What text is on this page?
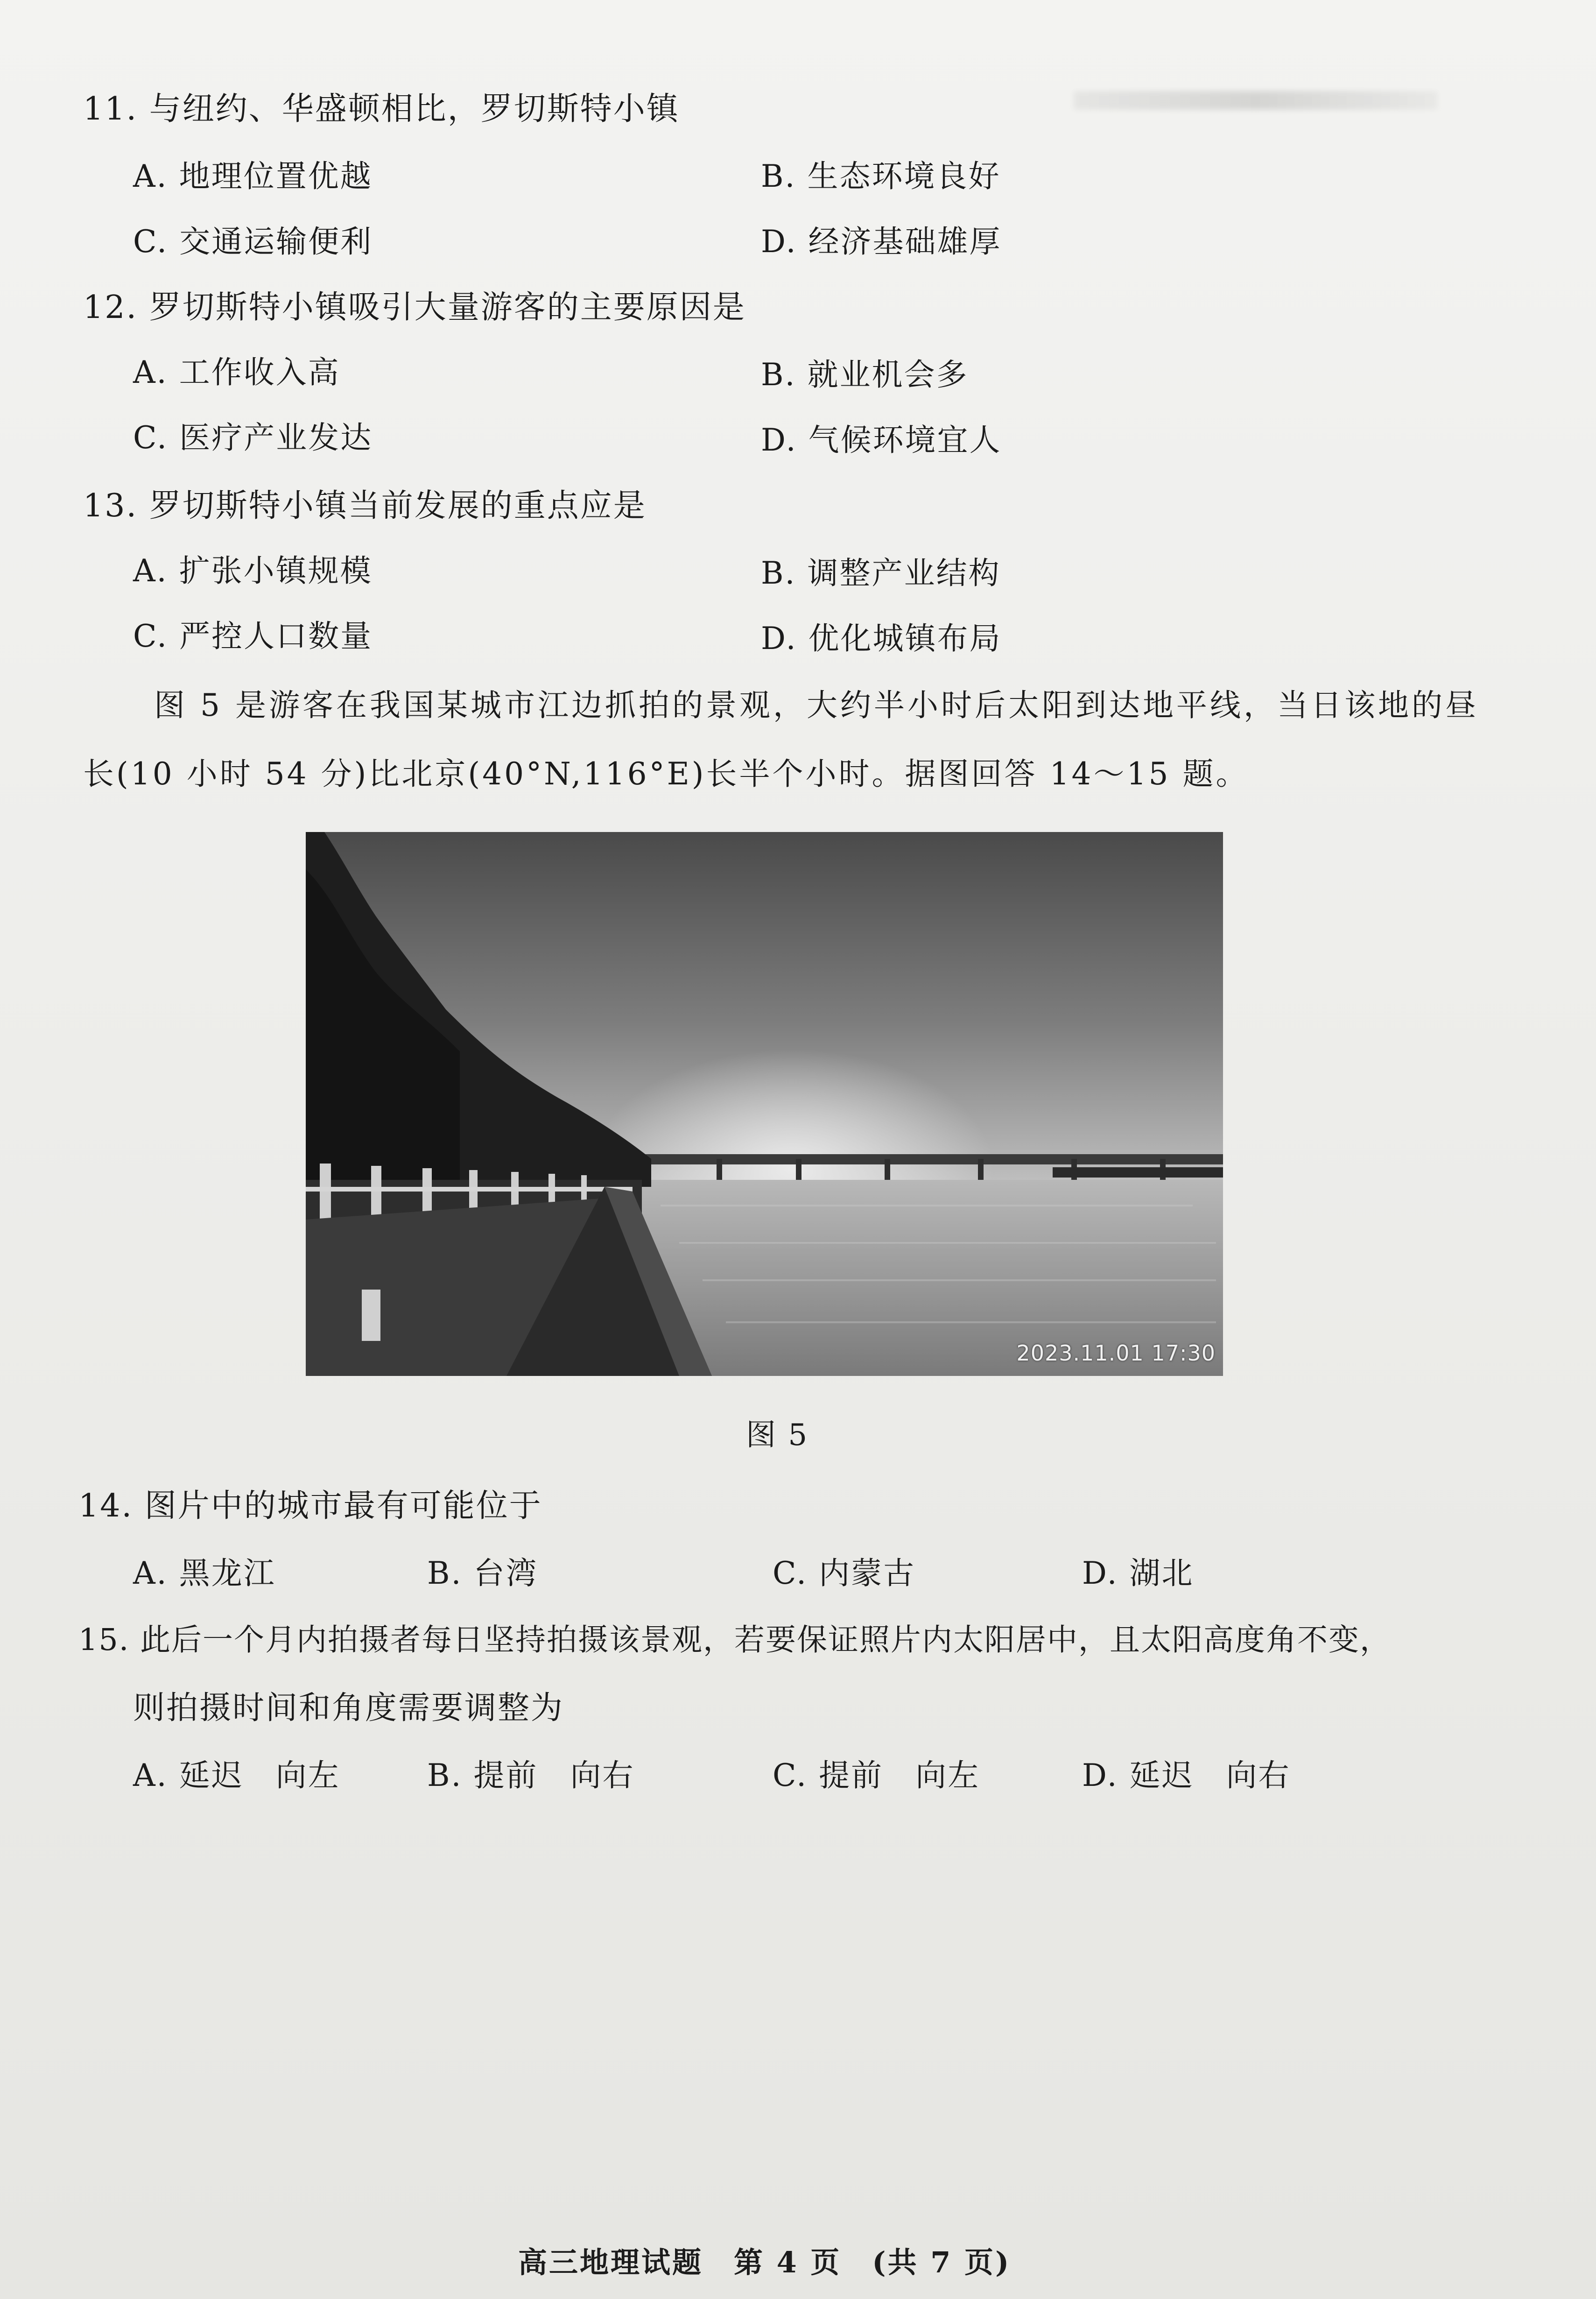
11. 与纽约、华盛顿相比，罗切斯特小镇
A. 地理位置优越	B. 生态环境良好
C. 交通运输便利	D. 经济基础雄厚
12. 罗切斯特小镇吸引大量游客的主要原因是
A. 工作收入高	B. 就业机会多
C. 医疗产业发达	D. 气候环境宜人
13. 罗切斯特小镇当前发展的重点应是
A. 扩张小镇规模	B. 调整产业结构
C. 严控人口数量	D. 优化城镇布局
图 5 是游客在我国某城市江边抓拍的景观，大约半小时后太阳到达地平线，当日该地的昼
长(10 小时 54 分)比北京(40°N,116°E)长半个小时。据图回答 14～15 题。
2023.11.01 17:30
图 5
14. 图片中的城市最有可能位于
A. 黑龙江	B. 台湾	C. 内蒙古	D. 湖北
15. 此后一个月内拍摄者每日坚持拍摄该景观，若要保证照片内太阳居中，且太阳高度角不变，
则拍摄时间和角度需要调整为
A. 延迟　向左	B. 提前　向右	C. 提前　向左	D. 延迟　向右
高三地理试题　第 4 页　(共 7 页)
